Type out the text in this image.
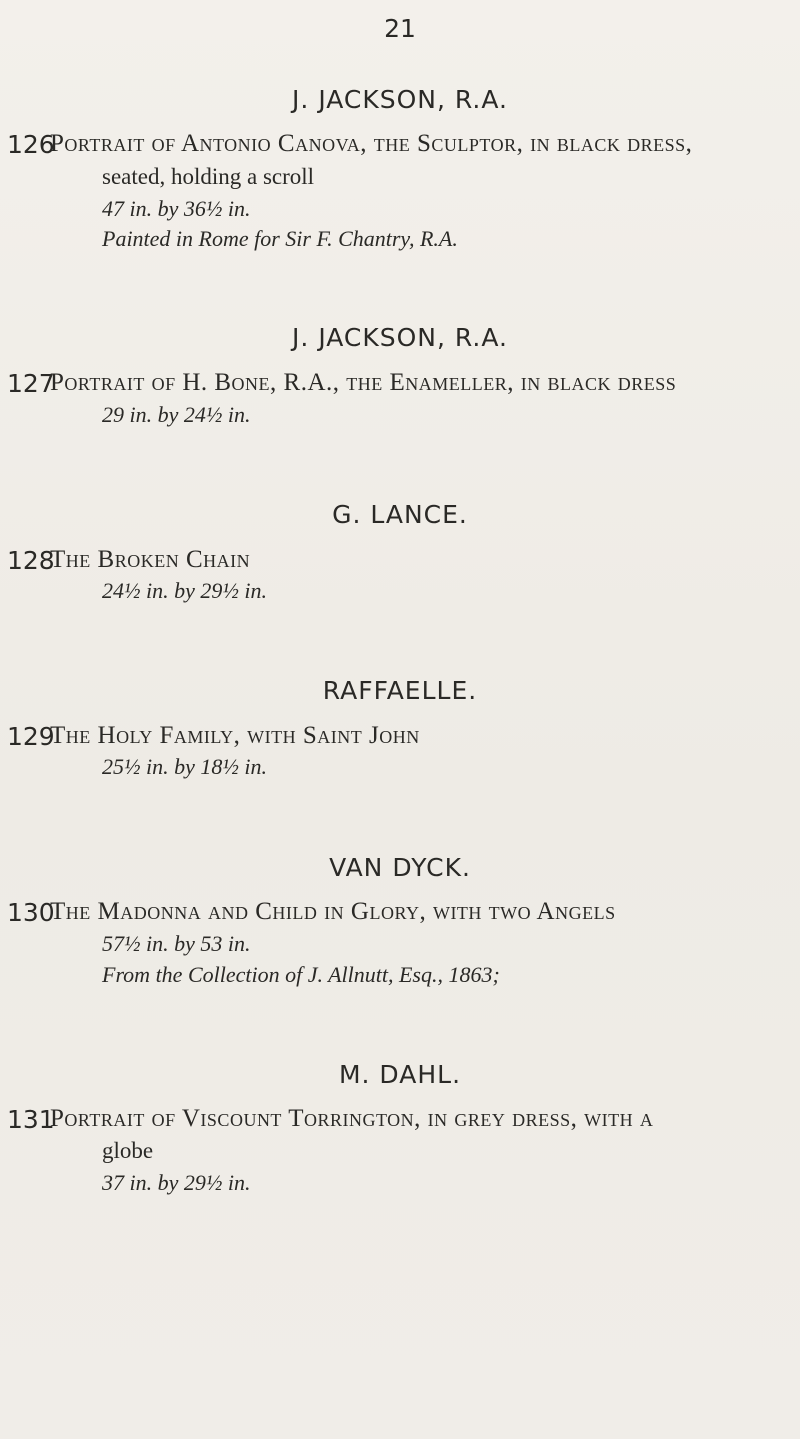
21
J. JACKSON, R.A.
126
Portrait of Antonio Canova, the Sculptor, in black dress,
seated, holding a scroll
47 in. by 36½ in.
Painted in Rome for Sir F. Chantry, R.A.
J. JACKSON, R.A.
127
Portrait of H. Bone, R.A., the Enameller, in black dress
29 in. by 24½ in.
G. LANCE.
128
The Broken Chain
24½ in. by 29½ in.
RAFFAELLE.
129
The Holy Family, with Saint John
25½ in. by 18½ in.
VAN DYCK.
130
The Madonna and Child in Glory, with two Angels
57½ in. by 53 in.
From the Collection of J. Allnutt, Esq., 1863;
M. DAHL.
131
Portrait of Viscount Torrington, in grey dress, with a
globe
37 in. by 29½ in.
